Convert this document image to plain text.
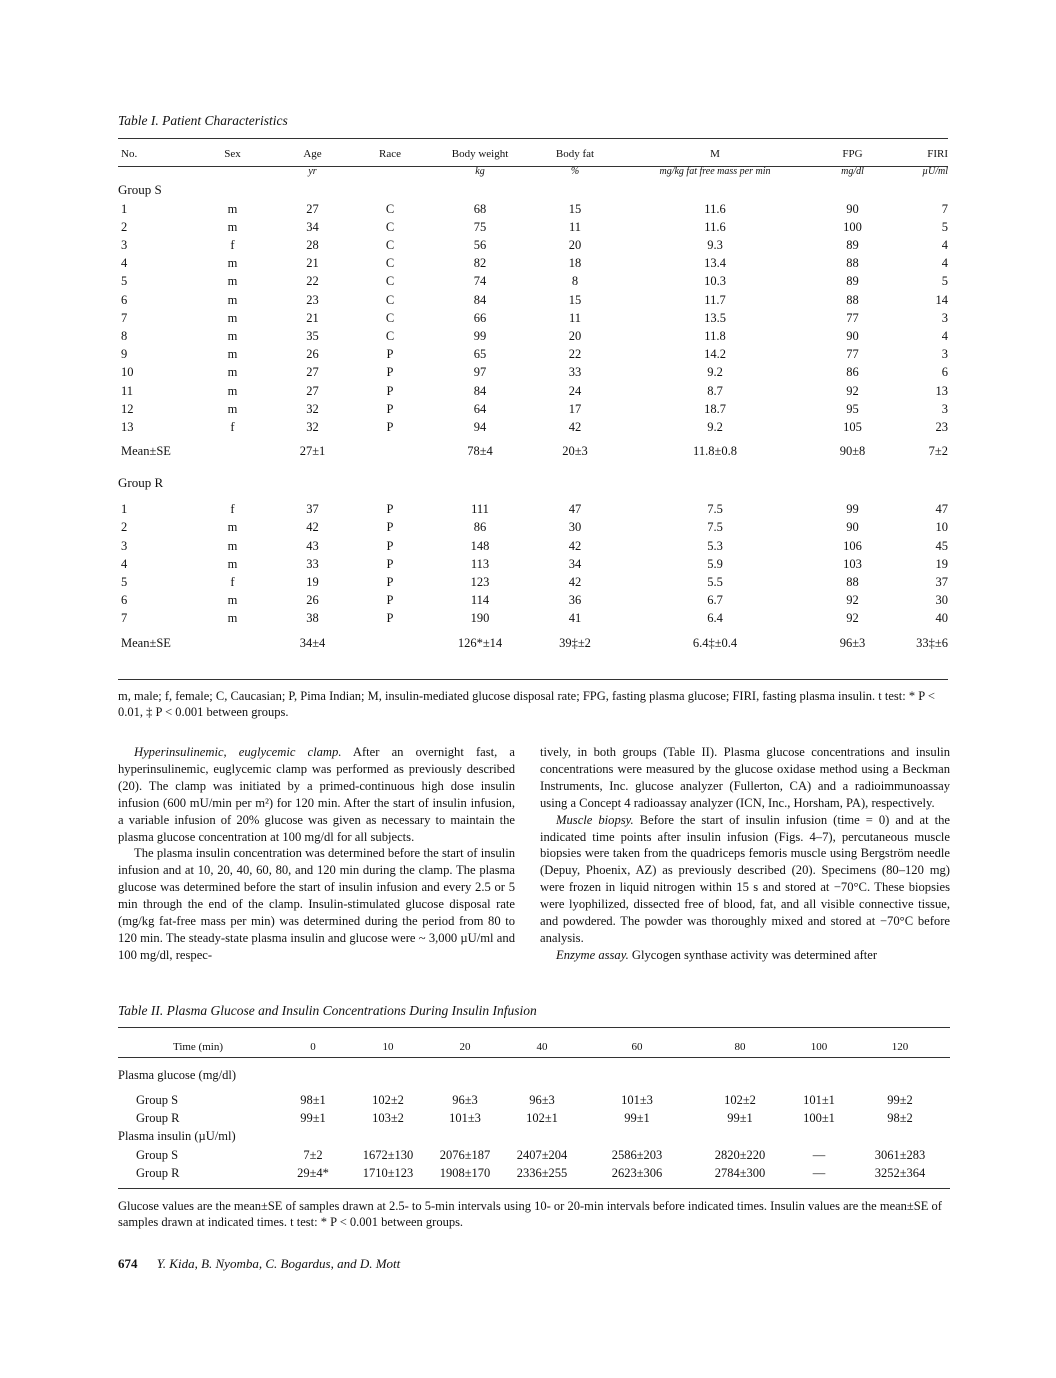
Table I. Patient Characteristics
No.	Sex	Age	Race	Body weight	Body fat	M	FPG	FIRI
		yr		kg	%	mg/kg fat free mass per min	mg/dl	µU/ml
Group S								
1	m	27	C	68	15	11.6	90	7
2	m	34	C	75	11	11.6	100	5
3	f	28	C	56	20	9.3	89	4
4	m	21	C	82	18	13.4	88	4
5	m	22	C	74	8	10.3	89	5
6	m	23	C	84	15	11.7	88	14
7	m	21	C	66	11	13.5	77	3
8	m	35	C	99	20	11.8	90	4
9	m	26	P	65	22	14.2	77	3
10	m	27	P	97	33	9.2	86	6
11	m	27	P	84	24	8.7	92	13
12	m	32	P	64	17	18.7	95	3
13	f	32	P	94	42	9.2	105	23
Mean±SE		27±1		78±4	20±3	11.8±0.8	90±8	7±2
Group R								
1	f	37	P	111	47	7.5	99	47
2	m	42	P	86	30	7.5	90	10
3	m	43	P	148	42	5.3	106	45
4	m	33	P	113	34	5.9	103	19
5	f	19	P	123	42	5.5	88	37
6	m	26	P	114	36	6.7	92	30
7	m	38	P	190	41	6.4	92	40
Mean±SE		34±4		126*±14	39‡±2	6.4‡±0.4	96±3	33‡±6
m, male; f, female; C, Caucasian; P, Pima Indian; M, insulin-mediated glucose disposal rate; FPG, fasting plasma glucose; FIRI, fasting plasma insulin. t test: * P < 0.01, ‡ P < 0.001 between groups.

Hyperinsulinemic, euglycemic clamp. After an overnight fast, a hyperinsulinemic, euglycemic clamp was performed as previously described (20). The clamp was initiated by a primed-continuous high dose insulin infusion (600 mU/min per m²) for 120 min. After the start of insulin infusion, a variable infusion of 20% glucose was given as necessary to maintain the plasma glucose concentration at 100 mg/dl for all subjects.

The plasma insulin concentration was determined before the start of insulin infusion and at 10, 20, 40, 60, 80, and 120 min during the clamp. The plasma glucose was determined before the start of insulin infusion and every 2.5 or 5 min through the end of the clamp. Insulin-stimulated glucose disposal rate (mg/kg fat-free mass per min) was determined during the period from 80 to 120 min. The steady-state plasma insulin and glucose were ~ 3,000 µU/ml and 100 mg/dl, respec-

tively, in both groups (Table II). Plasma glucose concentrations and insulin concentrations were measured by the glucose oxidase method using a Beckman Instruments, Inc. glucose analyzer (Fullerton, CA) and a radioimmunoassay using a Concept 4 radioassay analyzer (ICN, Inc., Horsham, PA), respectively.

Muscle biopsy. Before the start of insulin infusion (time = 0) and at the indicated time points after insulin infusion (Figs. 4–7), percutaneous muscle biopsies were taken from the quadriceps femoris muscle using Bergström needle (Depuy, Phoenix, AZ) as previously described (20). Specimens (80–120 mg) were frozen in liquid nitrogen within 15 s and stored at −70°C. These biopsies were lyophilized, dissected free of blood, fat, and all visible connective tissue, and powdered. The powder was thoroughly mixed and stored at −70°C before analysis.

Enzyme assay. Glycogen synthase activity was determined after

Table II. Plasma Glucose and Insulin Concentrations During Insulin Infusion
Time (min)	0	10	20	40	60	80	100	120
Plasma glucose (mg/dl)								
Group S	98±1	102±2	96±3	96±3	101±3	102±2	101±1	99±2
Group R	99±1	103±2	101±3	102±1	99±1	99±1	100±1	98±2
Plasma insulin (µU/ml)								
Group S	7±2	1672±130	2076±187	2407±204	2586±203	2820±220	—	3061±283
Group R	29±4*	1710±123	1908±170	2336±255	2623±306	2784±300	—	3252±364
Glucose values are the mean±SE of samples drawn at 2.5- to 5-min intervals using 10- or 20-min intervals before indicated times. Insulin values are the mean±SE of samples drawn at indicated times. t test: * P < 0.001 between groups.
674 Y. Kida, B. Nyomba, C. Bogardus, and D. Mott
